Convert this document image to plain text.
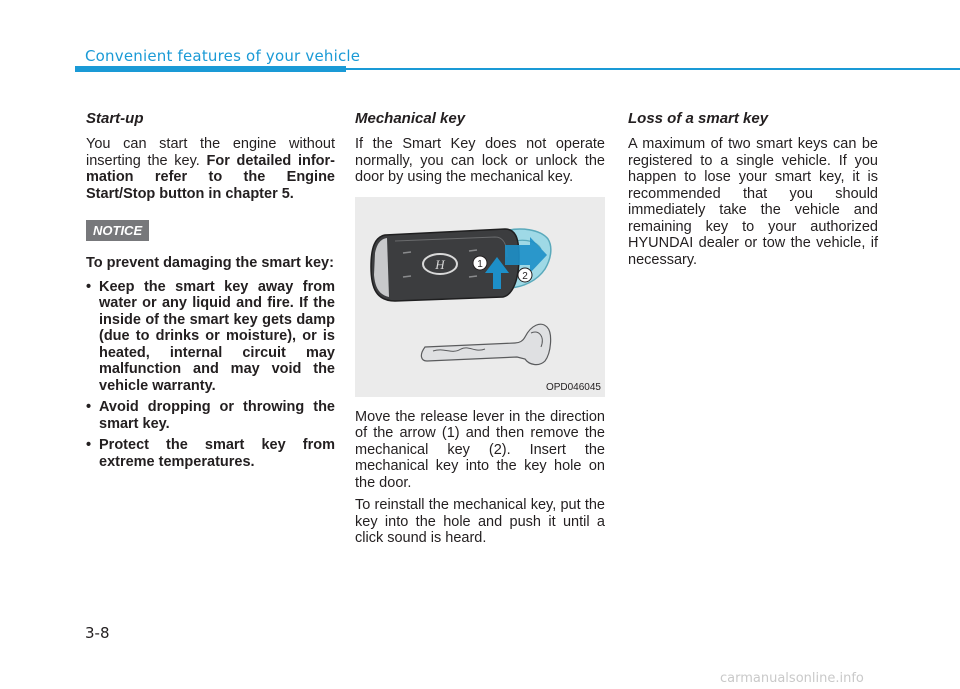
Convenient features of your vehicle
Start-up

You can start the engine without inserting the key. For detailed information refer to the Engine Start/Stop button in chapter 5.

NOTICE
To prevent damaging the smart key:
• Keep the smart key away from water or any liquid and fire. If the inside of the smart key gets damp (due to drinks or moisture), or is heated, internal circuit may malfunction and may void the vehicle warranty.
• Avoid dropping or throwing the smart key.
• Protect the smart key from extreme temperatures.
Mechanical key

If the Smart Key does not operate normally, you can lock or unlock the door by using the mechanical key.

H	1
2
OPD046045

Move the release lever in the direction of the arrow (1) and then remove the mechanical key (2). Insert the mechanical key into the key hole on the door.

To reinstall the mechanical key, put the key into the hole and push it until a click sound is heard.

Loss of a smart key

A maximum of two smart keys can be registered to a single vehicle. If you happen to lose your smart key, it is recommended that you should immediately take the vehicle and remaining key to your authorized HYUNDAI dealer or tow the vehicle, if necessary.

3-8
carmanualsonline.info
